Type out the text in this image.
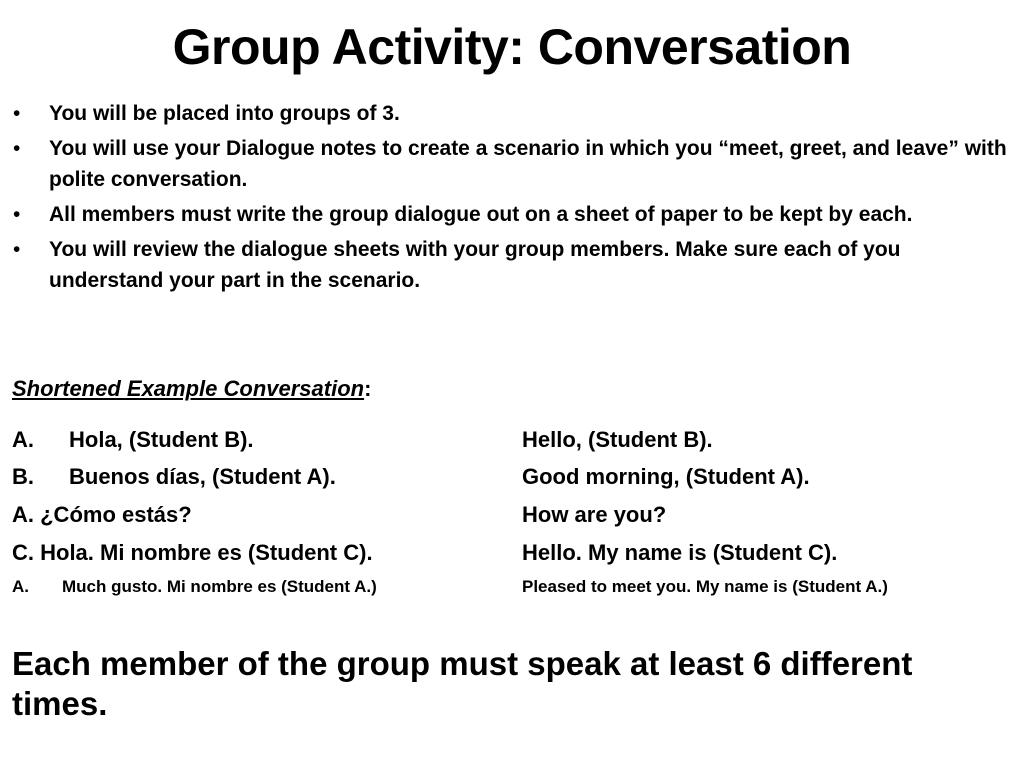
Group Activity: Conversation
•	You will be placed into groups of 3.
•	You will use your Dialogue notes to create a scenario in which you “meet, greet, and leave” with polite conversation.
•	All members must write the group dialogue out on a sheet of paper to be kept by each.
•	You will review the dialogue sheets with your group members. Make sure each of you understand your part in the scenario.
Shortened Example Conversation:
A. Hola, (Student B).	Hello, (Student B).
B. Buenos días, (Student A).	Good morning, (Student A).
A. ¿Cómo estás?	How are you?
C. Hola. Mi nombre es (Student C).	Hello. My name is (Student C).
A. Much gusto. Mi nombre es (Student A.)	Pleased to meet you. My name is (Student A.)
Each member of the group must speak at least 6 different times.
